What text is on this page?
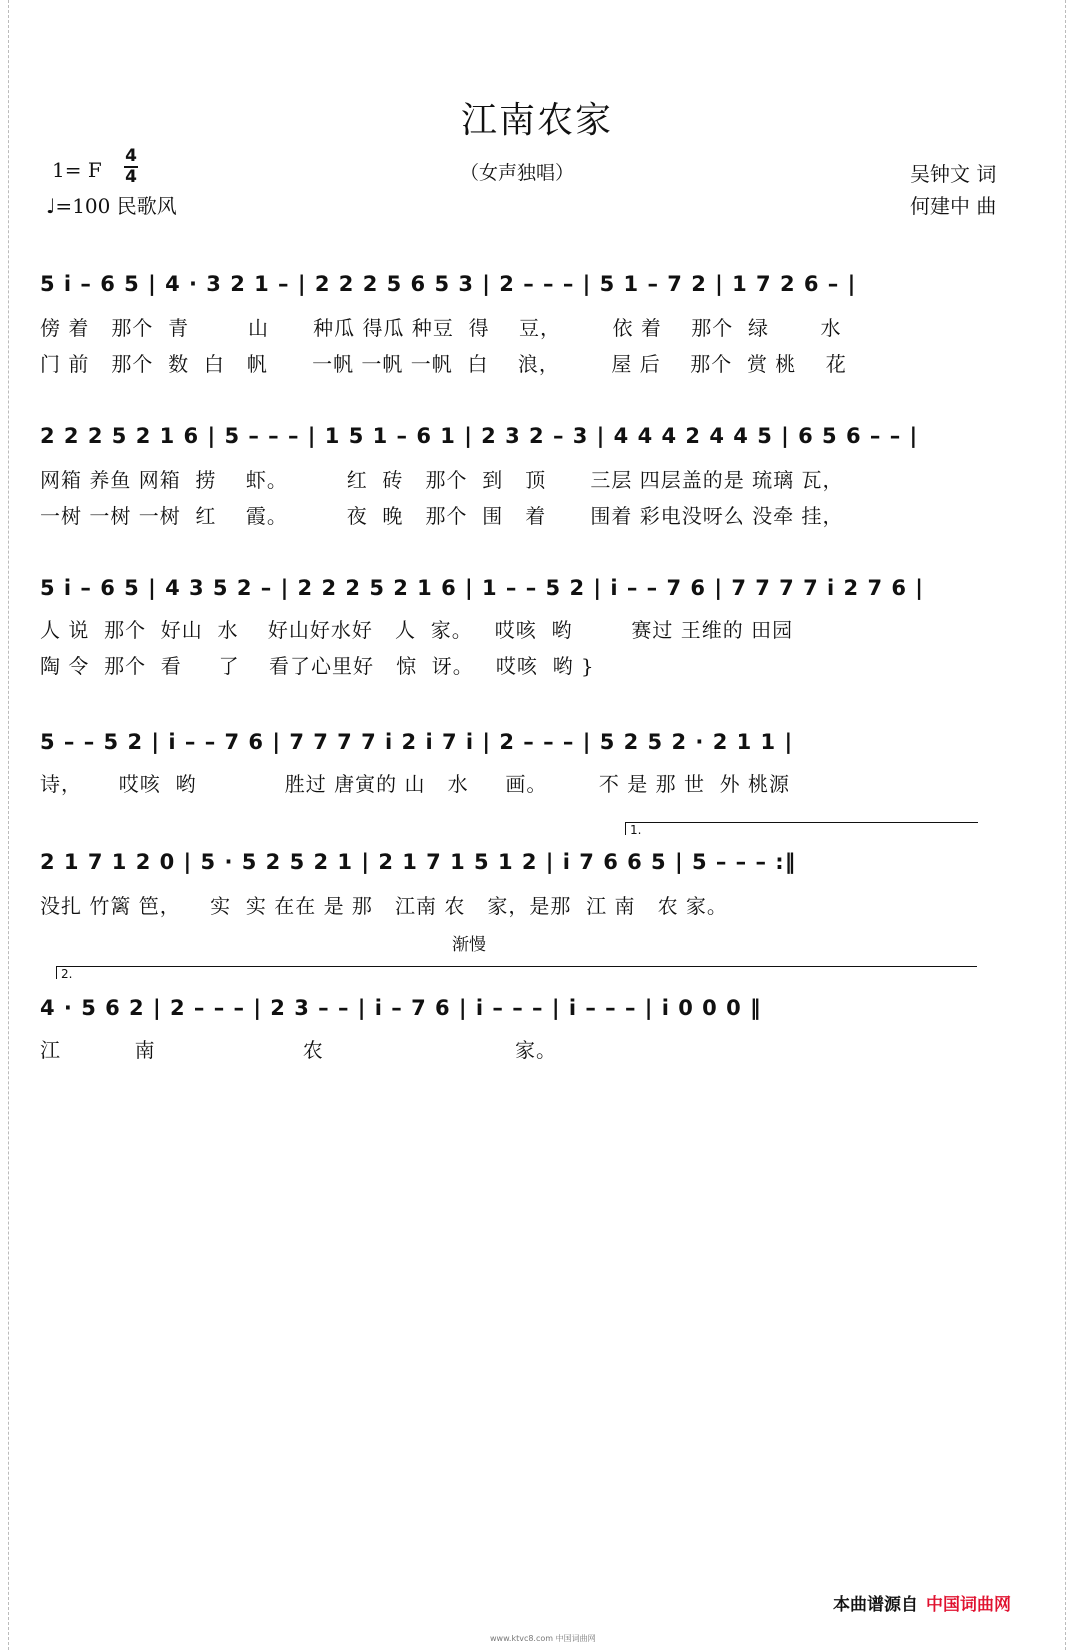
江南农家
1= F
4
4
♩=100 民歌风
（女声独唱）	吴钟文 词
何建中 曲
5 i – 6 5 | 4 · 3 2 1 – | 2 2 2 5 6 5 3 | 2 – – – | 5 1 – 7 2 | 1 7 2 6 – |
傍 着   那个  青        山      种瓜 得瓜 种豆  得    豆，       依 着    那个  绿       水
门 前   那个  数  白   帆      一帆 一帆 一帆  白    浪，       屋 后    那个  赏 桃    花
2 2 2 5 2 1 6 | 5 – – – | 1 5 1 – 6 1 | 2 3 2 – 3 | 4 4 4 2 4 4 5 | 6 5 6 – – |
网箱 养鱼 网箱  捞    虾。        红  砖   那个  到   顶      三层 四层盖的是 琉璃 瓦，
一树 一树 一树  红    霞。        夜  晚   那个  围   着      围着 彩电没呀么 没牵 挂，
5 i – 6 5 | 4 3 5 2 – | 2 2 2 5 2 1 6 | 1 – – 5 2 | i – – 7 6 | 7 7 7 7 i 2 7 6 |
人 说  那个  好山  水    好山好水好   人  家。   哎咳  哟        赛过 王维的 田园
陶 令  那个  看     了    看了心里好   惊  讶。   哎咳  哟 }
5 – – 5 2 | i – – 7 6 | 7 7 7 7 i 2 i 7 i | 2 – – – | 5 2 5 2 · 2 1 1 |
诗，     哎咳  哟            胜过 唐寅的 山   水     画。       不 是 那 世  外 桃源
1.
2 1 7 1 2 0 | 5 · 5 2 5 2 1 | 2 1 7 1 5 1 2 | i 7 6 6 5 | 5 – – – :‖
没扎 竹篱 笆，    实  实 在在 是 那   江南 农   家，是那  江 南   农 家。
渐慢
2.
4 · 5 6 2 | 2 – – – | 2 3 – – | i – 7 6 | i – – – | i – – – | i 0 0 0 ‖
江          南                    农                          家。
本曲谱源自 中国词曲网
www.ktvc8.com 中国词曲网
